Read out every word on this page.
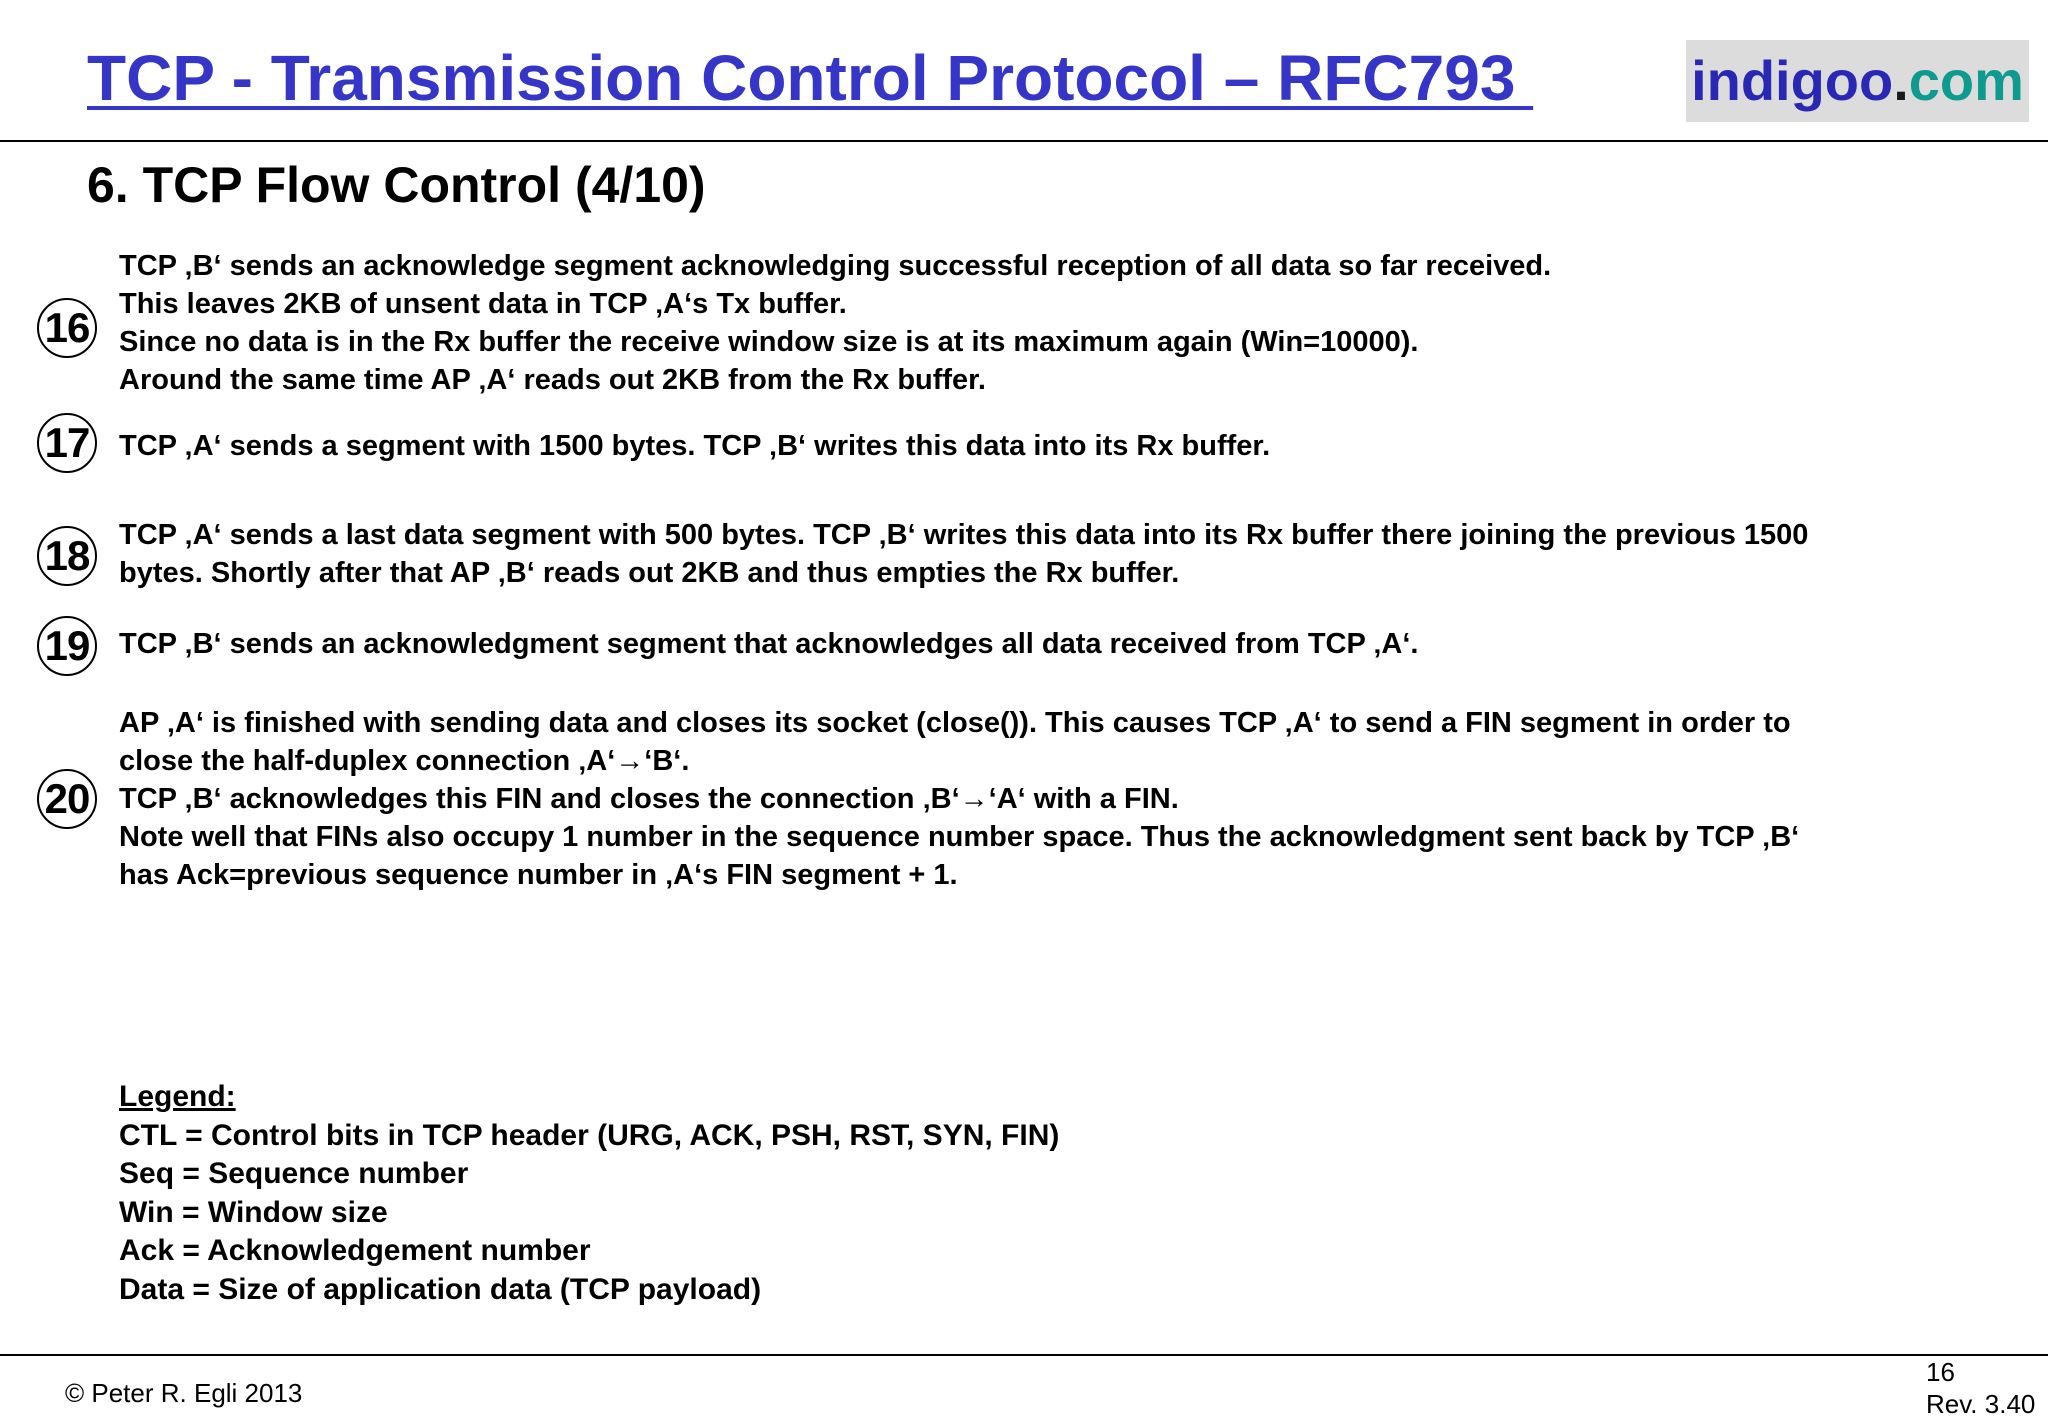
TCP - Transmission Control Protocol – RFC793	indigoo . com
6. TCP Flow Control (4/10)
16
TCP ‚B‘ sends an acknowledge segment acknowledging successful reception of all data so far received.
This leaves 2KB of unsent data in TCP ‚A‘s Tx buffer.
Since no data is in the Rx buffer the receive window size is at its maximum again (Win=10000).
Around the same time AP ‚A‘ reads out 2KB from the Rx buffer.
17 TCP ‚A‘ sends a segment with 1500 bytes. TCP ‚B‘ writes this data into its Rx buffer.
18 TCP ‚A‘ sends a last data segment with 500 bytes. TCP ‚B‘ writes this data into its Rx buffer there joining the previous 1500
bytes. Shortly after that AP ‚B‘ reads out 2KB and thus empties the Rx buffer.
19 TCP ‚B‘ sends an acknowledgment segment that acknowledges all data received from TCP ‚A‘.
20
AP ‚A‘ is finished with sending data and closes its socket (close()). This causes TCP ‚A‘ to send a FIN segment in order to
close the half-duplex connection ‚A‘→‘B‘.
TCP ‚B‘ acknowledges this FIN and closes the connection ‚B‘→‘A‘ with a FIN.
Note well that FINs also occupy 1 number in the sequence number space. Thus the acknowledgment sent back by TCP ‚B‘
has Ack=previous sequence number in ‚A‘s FIN segment + 1.
Legend:
CTL = Control bits in TCP header (URG, ACK, PSH, RST, SYN, FIN)
Seq = Sequence number
Win = Window size
Ack = Acknowledgement number
Data = Size of application data (TCP payload)
© Peter R. Egli 2013
16
Rev. 3.40
